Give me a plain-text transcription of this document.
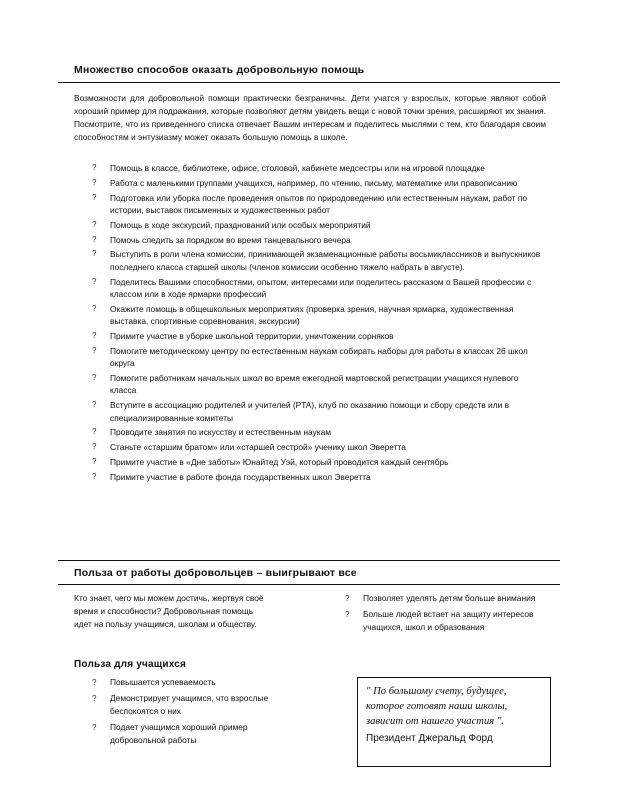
Множество способов оказать добровольную помощь
Возможности для добровольной помощи практически безграничны. Дети учатся у взрослых, которые являют собой хороший пример для подражания, которые позволяют детям увидеть вещи с новой точки зрения, расширяют их знания. Посмотрите, что из приведенного списка отвечает Вашим интересам и поделитесь мыслями с тем, кто благодаря своим способностям и энтузиазму может оказать большую помощь в школе.
? Помощь в классе, библиотеке, офисе, столовой, кабинете медсестры или на игровой площадке
? Работа с маленькими группами учащихся, например, по чтению, письму, математике или правописанию
? Подготовка или уборка после проведения опытов по природоведению или естественным наукам, работ по истории, выставок письменных и художественных работ
? Помощь в ходе экскурсий, празднований или особых мероприятий
? Помочь следить за порядком во время танцевального вечера
? Выступить в роли члена комиссии, принимающей экзаменационные работы восьмиклассников и выпускников последнего класса старшей школы (членов комиссии особенно тяжело набрать в августе).
? Поделитесь Вашими способностями, опытом, интересами или поделитесь рассказом о Вашей профессии с классом или в ходе ярмарки профессий
? Окажите помощь в общешкольных мероприятиях (проверка зрения, научная ярмарка, художественная выставка, спортивные соревнования, экскурсии)
? Примите участие в уборке школьной территории, уничтожении сорняков
? Помогите методическому центру по естественным наукам собирать наборы для работы в классах 26 школ округа
? Помогите работникам начальных школ во время ежегодной мартовской регистрации учащихся нулевого класса
? Вступите в ассоциацию родителей и учителей (PTA), клуб по оказанию помощи и сбору средств или в специализированные комитеты
? Проводите занятия по искусству и естественным наукам
? Станьте «старшим братом» или «старшей сестрой» ученику школ Эверетта
? Примите участие в «Дне заботы» Юнайтед Уэй, который проводится каждый сентябрь
? Примите участие в работе фонда государственных школ Эверетта
Польза от работы добровольцев – выигрывают все
Кто знает, чего мы можем достичь, жертвуя своё время и способности? Добровольная помощь идет на пользу учащимся, школам и обществу.
Польза для учащихся
? Повышается успеваемость
? Демонстрирует учащимся, что взрослые беспокоятся о них
? Подает учащимся хороший пример добровольной работы
? Позволяет уделять детям больше внимания
? Больше людей встает на защиту интересов учащихся, школ и образования
" По большому счету, будущее, которое готовят наши школы, зависит от нашего участия ".
Президент Джеральд Форд
